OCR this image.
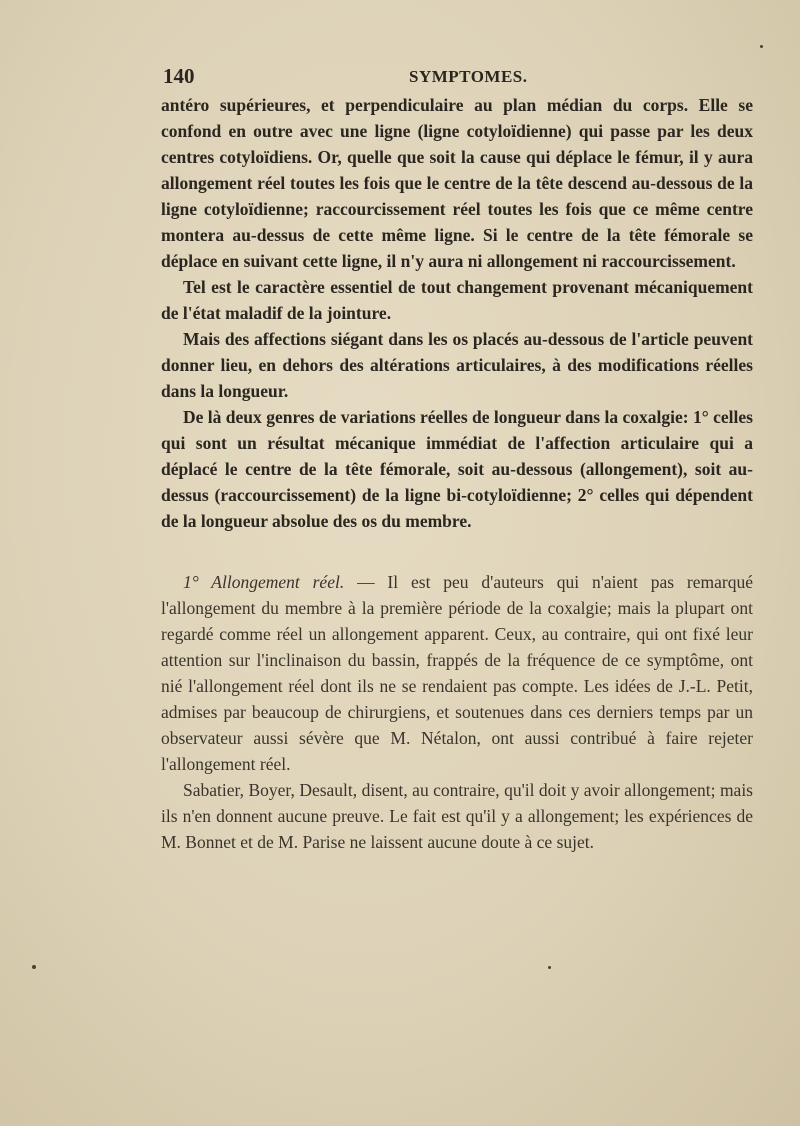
140	SYMPTOMES.

antéro supérieures, et perpendiculaire au plan médian du corps. Elle se confond en outre avec une ligne (ligne cotyloïdienne) qui passe par les deux centres cotyloïdiens. Or, quelle que soit la cause qui déplace le fémur, il y aura allongement réel toutes les fois que le centre de la tête descend au-dessous de la ligne cotyloïdienne; raccourcissement réel toutes les fois que ce même centre montera au-dessus de cette même ligne. Si le centre de la tête fémorale se déplace en suivant cette ligne, il n'y aura ni allongement ni raccourcissement.

Tel est le caractère essentiel de tout changement provenant mécaniquement de l'état maladif de la jointure.

Mais des affections siégant dans les os placés au-dessous de l'article peuvent donner lieu, en dehors des altérations articulaires, à des modifications réelles dans la longueur.

De là deux genres de variations réelles de longueur dans la coxalgie: 1° celles qui sont un résultat mécanique immédiat de l'affection articulaire qui a déplacé le centre de la tête fémorale, soit au-dessous (allongement), soit au-dessus (raccourcissement) de la ligne bi-cotyloïdienne; 2° celles qui dépendent de la longueur absolue des os du membre.

1° Allongement réel. — Il est peu d'auteurs qui n'aient pas remarqué l'allongement du membre à la première période de la coxalgie; mais la plupart ont regardé comme réel un allongement apparent. Ceux, au contraire, qui ont fixé leur attention sur l'inclinaison du bassin, frappés de la fréquence de ce symptôme, ont nié l'allongement réel dont ils ne se rendaient pas compte. Les idées de J.-L. Petit, admises par beaucoup de chirurgiens, et soutenues dans ces derniers temps par un observateur aussi sévère que M. Nétalon, ont aussi contribué à faire rejeter l'allongement réel.

Sabatier, Boyer, Desault, disent, au contraire, qu'il doit y avoir allongement; mais ils n'en donnent aucune preuve. Le fait est qu'il y a allongement; les expériences de M. Bonnet et de M. Parise ne laissent aucune doute à ce sujet.
